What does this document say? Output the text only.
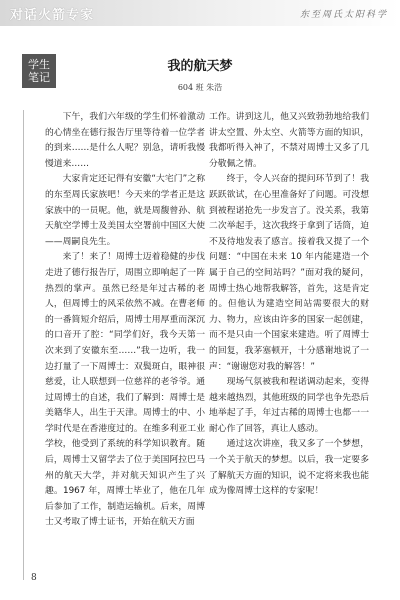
对话火箭专家	东至周氏太阳科学
学生
笔记
我的航天梦
604 班 朱浩

下午，我们六年级的学生们怀着激动的心情坐在德行报告厅里等待着一位学者的到来……是什么人呢？别急，请听我慢慢道来……

大家肯定还记得有安徽“大宅门”之称的东至周氏家族吧！今天来的学者正是这家族中的一员呢。他，就是周馥曾孙、航天航空学博士及美国太空署前中国区大使——周嗣良先生。

来了！来了！周博士迈着稳健的步伐走进了德行报告厅，周围立即响起了一阵热烈的掌声。虽然已经是年过古稀的老人，但周博士的风采依然不减。在曹老师的一番简短介绍后，周博士用厚重而深沉的口音开了腔：“同学们好，我今天第一次来到了安徽东至……”我一边听，我一边打量了一下周博士：双鬓斑白，眼神很慈爱，让人联想到一位慈祥的老爷爷。通过周博士的自述，我们了解到：周博士是美籍华人，出生于天津。周博士的中、小学时代是在香港度过的。在维多利亚工业学校，他受到了系统的科学知识教育。随后，周博士又留学去了位于美国阿拉巴马州的航天大学，并对航天知识产生了兴趣。1967 年，周博士毕业了，他在几年后参加了工作，制造运输机。后来，周博士又考取了博士证书，开始在航天方面

工作。讲到这儿，他又兴致勃勃地给我们讲太空置、外太空、火箭等方面的知识，我都听得入神了，不禁对周博士又多了几分敬佩之情。

终于，令人兴奋的提问环节到了！我跃跃欲试，在心里准备好了问题。可没想到被程诺抢先一步发言了。没关系，我第二次举起手，这次我终于拿到了话筒，迫不及待地发表了感言。接着我又提了一个问题：“中国在未来 10 年内能建造一个属于自己的空间站吗？”面对我的疑问，周博士热心地帮我解答，首先，这是肯定的。但他认为建造空间站需要很大的财力、物力，应该由许多的国家一起创建，而不是只由一个国家来建造。听了周博士的回复，我茅塞顿开，十分感谢地说了一声：“谢谢您对我的解答！”

现场气氛被我和程诺调动起来，变得越来越热烈，其他班级的同学也争先恐后地举起了手，年过古稀的周博士也都一一耐心作了回答，真让人感动。

通过这次讲座，我又多了一个梦想，一个关于航天的梦想。以后，我一定要多了解航天方面的知识，说不定将来我也能成为像周博士这样的专家呢！

8
